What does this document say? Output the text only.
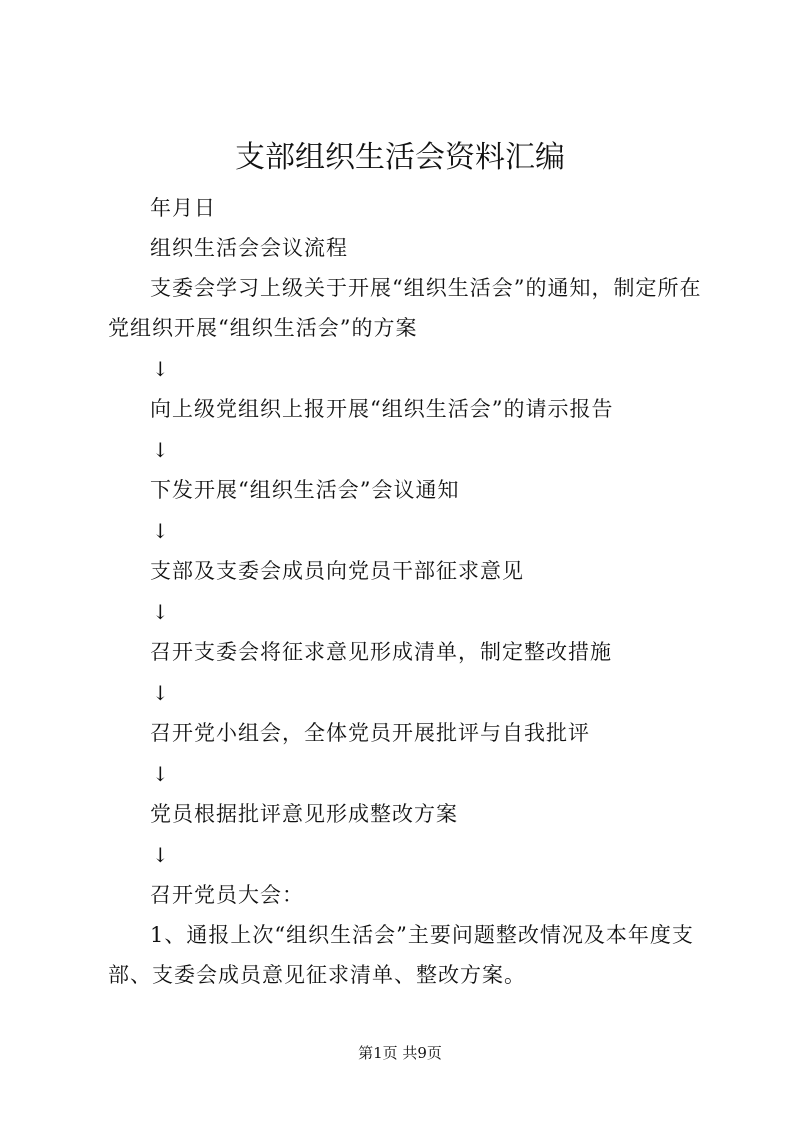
支部组织生活会资料汇编

年月日

组织生活会会议流程

支委会学习上级关于开展“组织生活会”的通知，制定所在

党组织开展“组织生活会”的方案

↓

向上级党组织上报开展“组织生活会”的请示报告

↓

下发开展“组织生活会”会议通知

↓

支部及支委会成员向党员干部征求意见

↓

召开支委会将征求意见形成清单，制定整改措施

↓

召开党小组会，全体党员开展批评与自我批评

↓

党员根据批评意见形成整改方案

↓

召开党员大会：

1、通报上次“组织生活会”主要问题整改情况及本年度支

部、支委会成员意见征求清单、整改方案。

第1页 共9页
